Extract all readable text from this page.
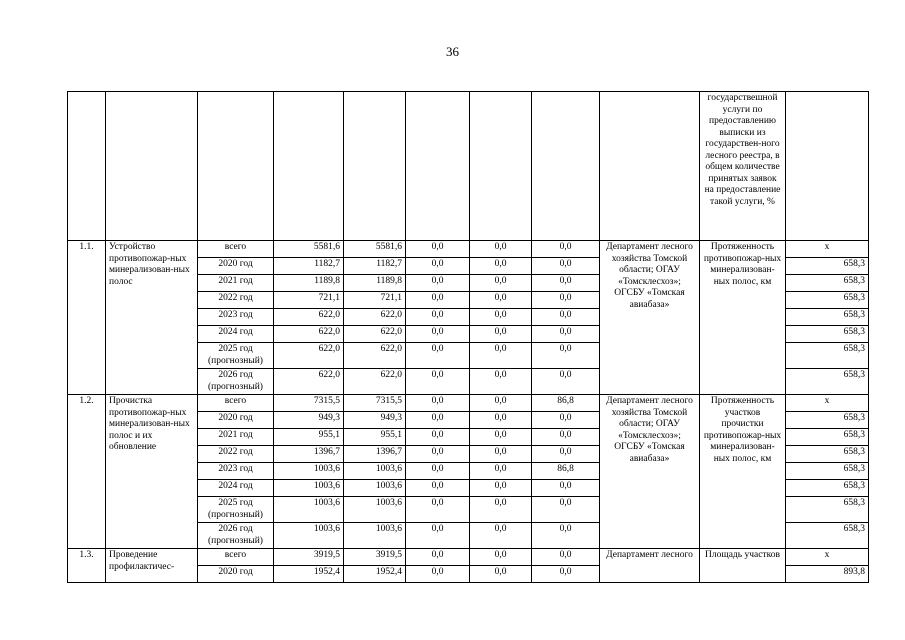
36
									государствешной услуги по предоставлению выписки из государствен-ного лесного реестра, в общем количестве принятых заявок на предоставление такой услуги, %	
1.1.	Устройство противопожар-ных минерализован-ных полос	всего	5581,6	5581,6	0,0	0,0	0,0	Департамент лесного хозяйства Томской области; ОГАУ «Томсклесхоз»; ОГСБУ «Томская авиабаза»	Протяженность противопожар-ных минерализован-ных полос, км	x
		2020 год	1182,7	1182,7	0,0	0,0	0,0			658,3
		2021 год	1189,8	1189,8	0,0	0,0	0,0			658,3
		2022 год	721,1	721,1	0,0	0,0	0,0			658,3
		2023 год	622,0	622,0	0,0	0,0	0,0			658,3
		2024 год	622,0	622,0	0,0	0,0	0,0			658,3
		2025 год (прогнозный)	622,0	622,0	0,0	0,0	0,0			658,3
		2026 год (прогнозный)	622,0	622,0	0,0	0,0	0,0			658,3
1.2.	Прочистка противопожар-ных минерализован-ных полос и их обновление	всего	7315,5	7315,5	0,0	0,0	86,8	Департамент лесного хозяйства Томской области; ОГАУ «Томсклесхоз»; ОГСБУ «Томская авиабаза»	Протяженность участков прочистки противопожар-ных минерализован-ных полос, км	x
		2020 год	949,3	949,3	0,0	0,0	0,0			658,3
		2021 год	955,1	955,1	0,0	0,0	0,0			658,3
		2022 год	1396,7	1396,7	0,0	0,0	0,0			658,3
		2023 год	1003,6	1003,6	0,0	0,0	86,8			658,3
		2024 год	1003,6	1003,6	0,0	0,0	0,0			658,3
		2025 год (прогнозный)	1003,6	1003,6	0,0	0,0	0,0			658,3
		2026 год (прогнозный)	1003,6	1003,6	0,0	0,0	0,0			658,3
1.3.	Проведение профилактичес-	всего	3919,5	3919,5	0,0	0,0	0,0	Департамент лесного	Площадь участков	x
		2020 год	1952,4	1952,4	0,0	0,0	0,0			893,8
